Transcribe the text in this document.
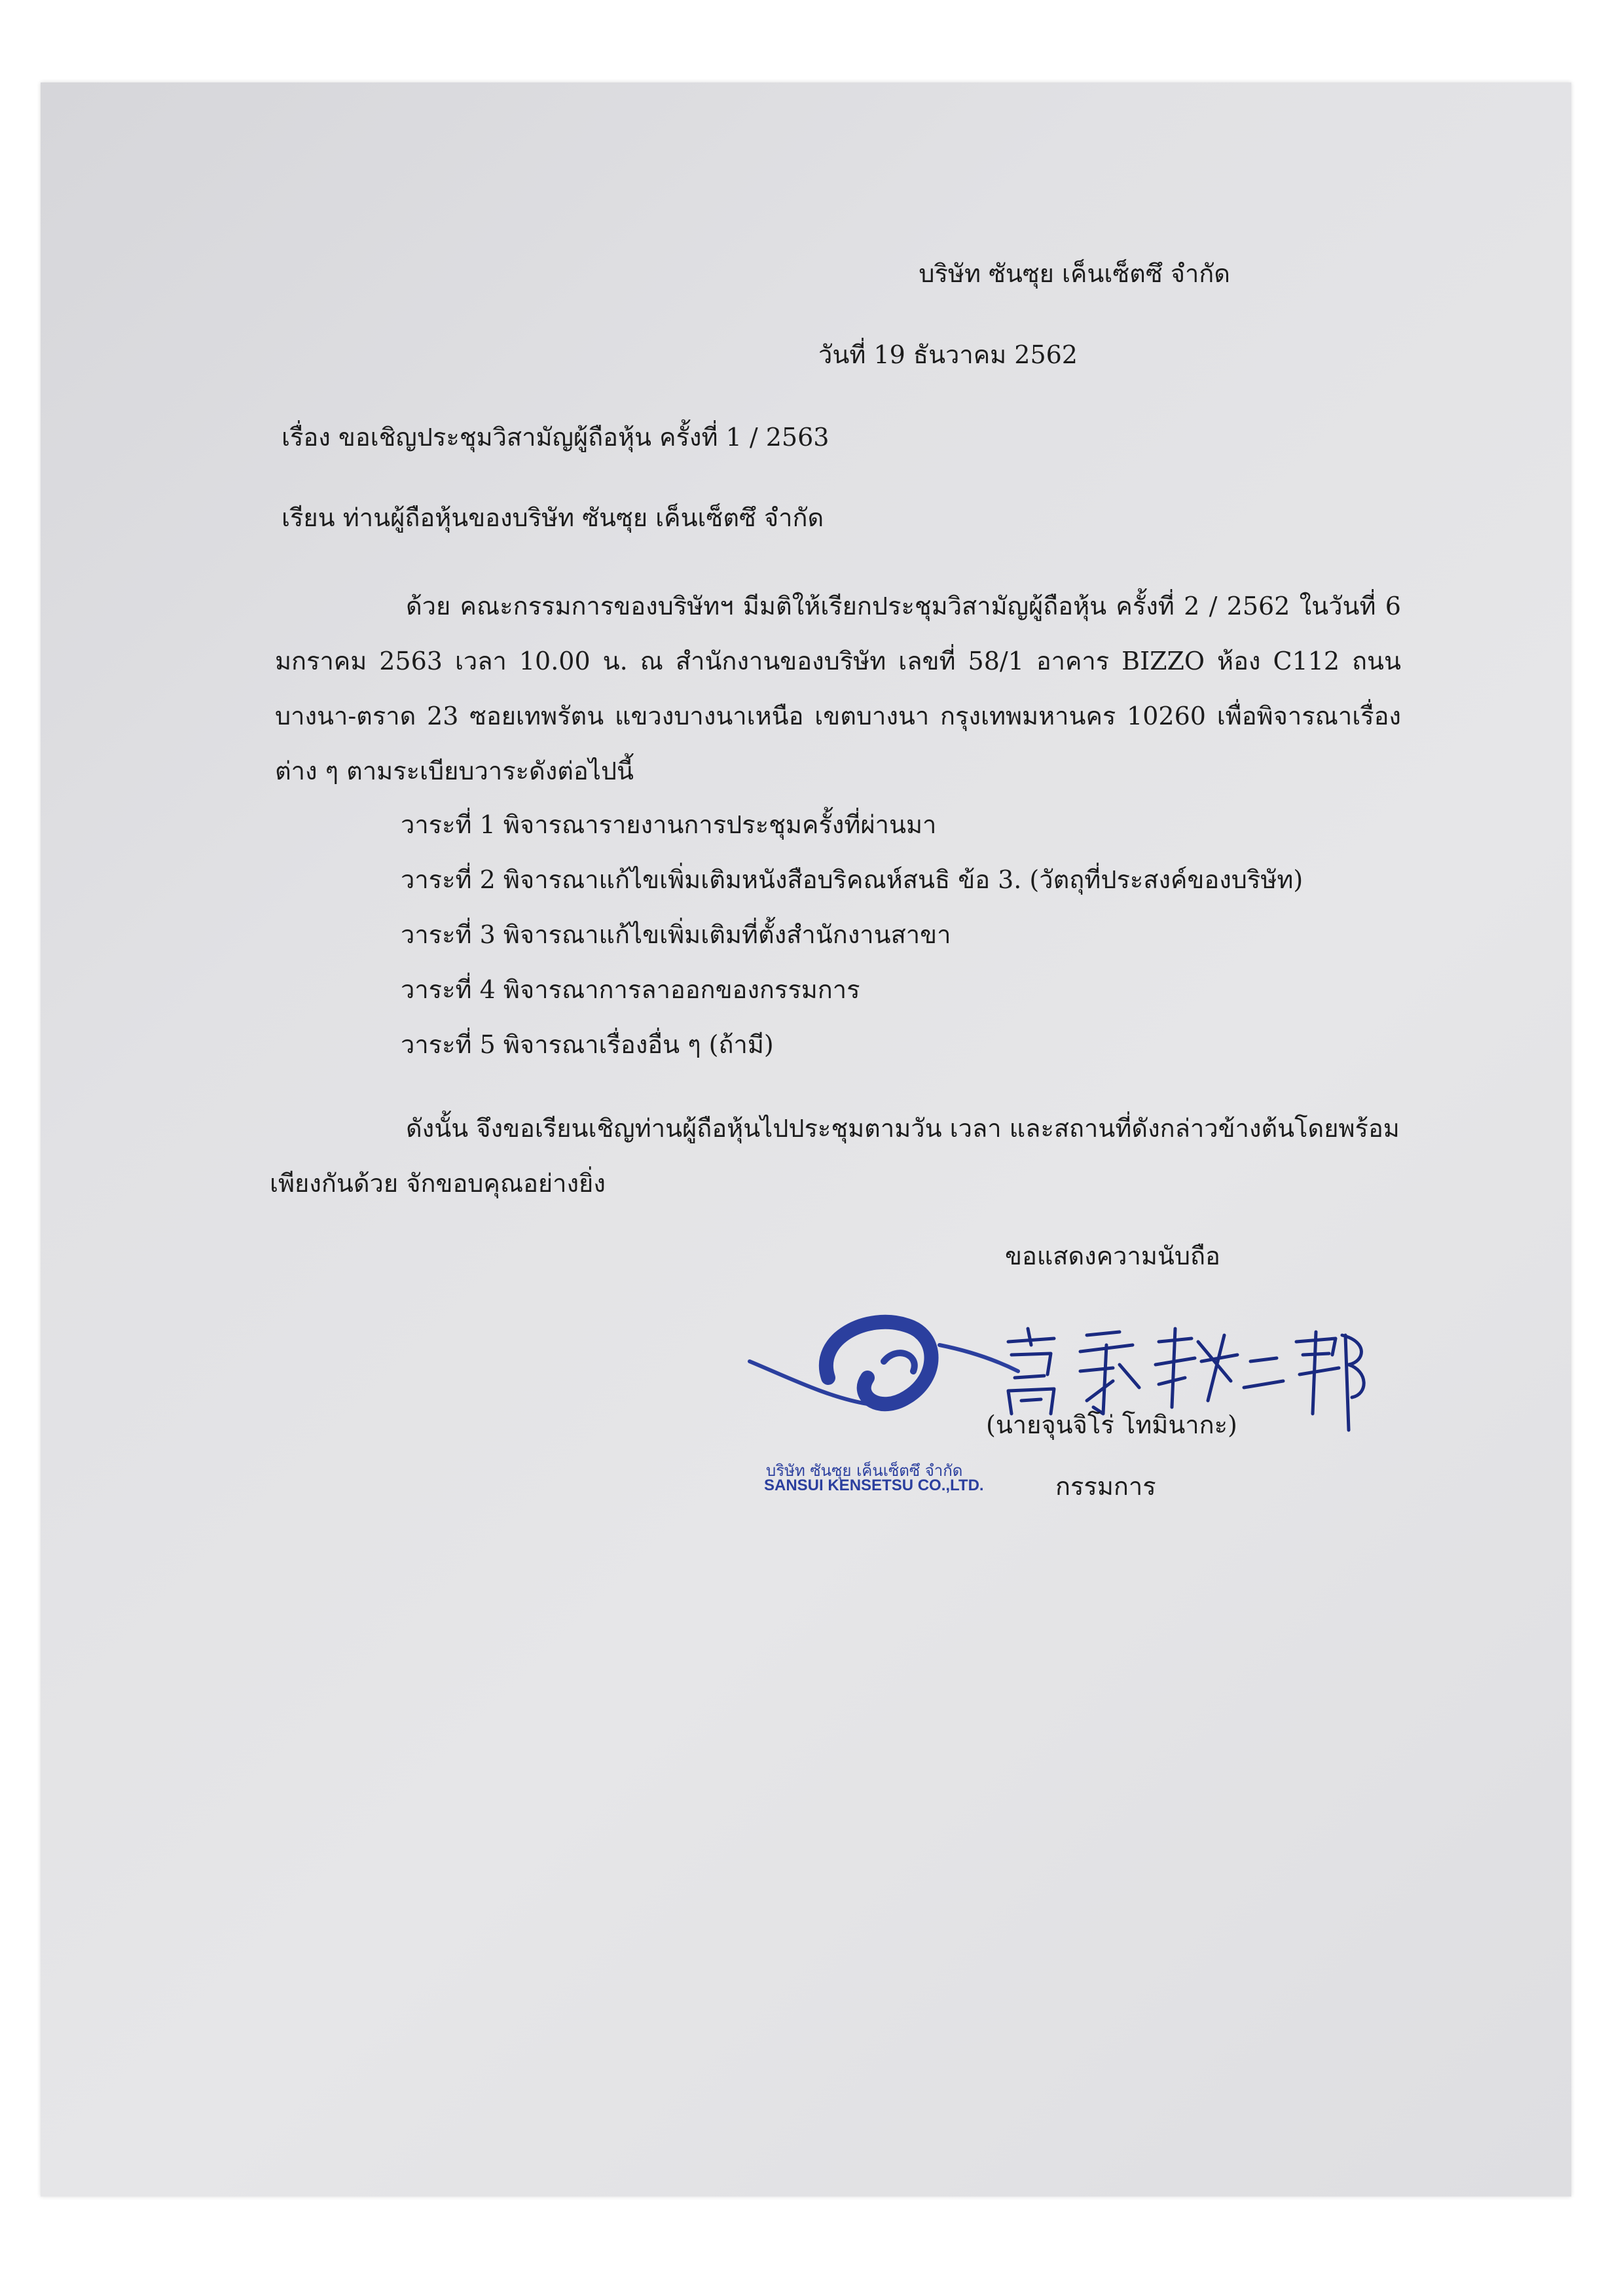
บริษัท ซันซุย เค็นเซ็ตซึ จำกัด
วันที่ 19 ธันวาคม 2562
เรื่อง ขอเชิญประชุมวิสามัญผู้ถือหุ้น ครั้งที่ 1 / 2563
เรียน ท่านผู้ถือหุ้นของบริษัท ซันซุย เค็นเซ็ตซึ จำกัด

ด้วย คณะกรรมการของบริษัทฯ มีมติให้เรียกประชุมวิสามัญผู้ถือหุ้น ครั้งที่ 2 / 2562 ในวันที่ 6 มกราคม 2563 เวลา 10.00 น. ณ สำนักงานของบริษัท เลขที่ 58/1 อาคาร BIZZO ห้อง C112 ถนนบางนา-ตราด 23 ซอยเทพรัตน แขวงบางนาเหนือ เขตบางนา กรุงเทพมหานคร 10260 เพื่อพิจารณาเรื่องต่าง ๆ ตามระเบียบวาระดังต่อไปนี้

วาระที่ 1 พิจารณารายงานการประชุมครั้งที่ผ่านมา
วาระที่ 2 พิจารณาแก้ไขเพิ่มเติมหนังสือบริคณห์สนธิ ข้อ 3. (วัตถุที่ประสงค์ของบริษัท)
วาระที่ 3 พิจารณาแก้ไขเพิ่มเติมที่ตั้งสำนักงานสาขา
วาระที่ 4 พิจารณาการลาออกของกรรมการ
วาระที่ 5 พิจารณาเรื่องอื่น ๆ (ถ้ามี)

ดังนั้น จึงขอเรียนเชิญท่านผู้ถือหุ้นไปประชุมตามวัน เวลา และสถานที่ดังกล่าวข้างต้นโดยพร้อมเพียงกันด้วย จักขอบคุณอย่างยิ่ง

ขอแสดงความนับถือ
บริษัท ซันซุย เค็นเซ็ตซึ จำกัด
SANSUI KENSETSU CO.,LTD.
(นายจุนจิโร่ โทมินากะ)
กรรมการ
